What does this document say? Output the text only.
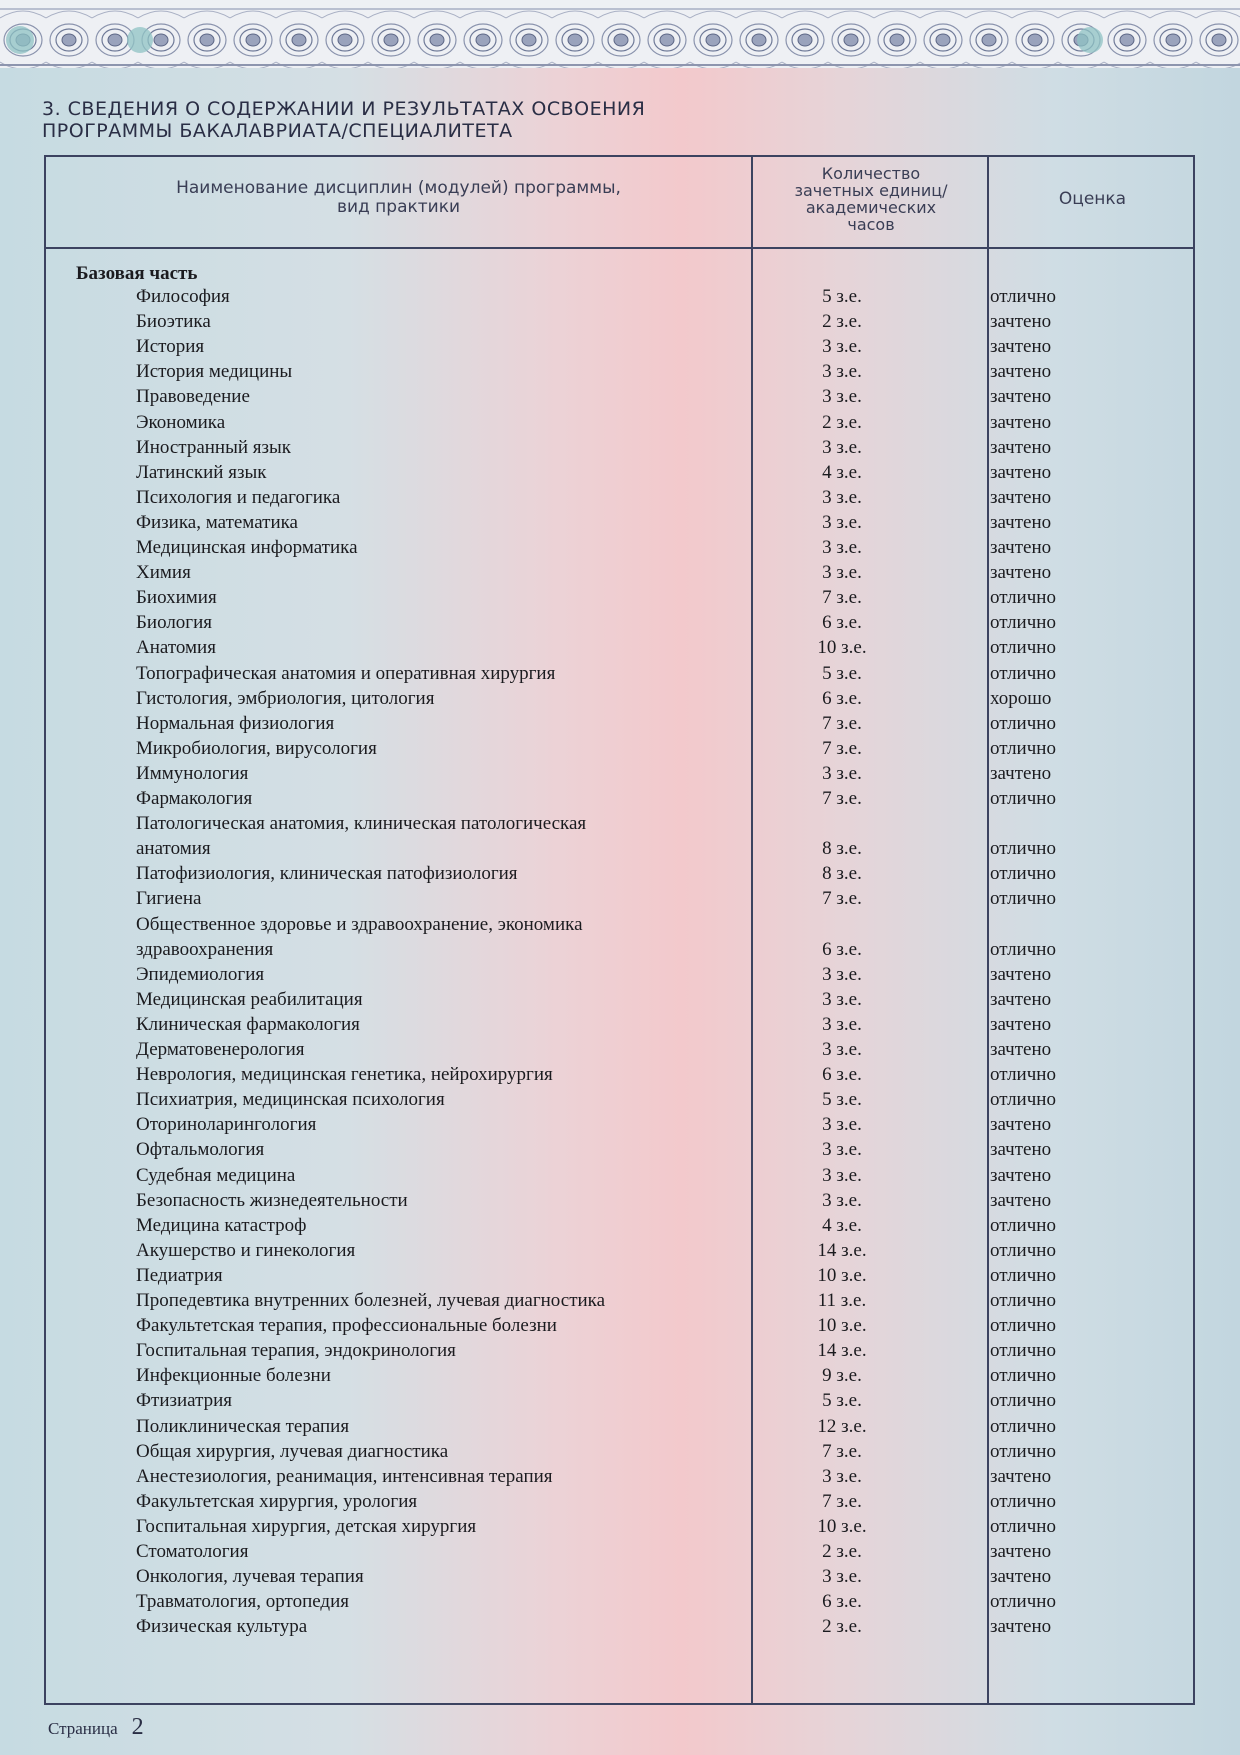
3. СВЕДЕНИЯ О СОДЕРЖАНИИ И РЕЗУЛЬТАТАХ ОСВОЕНИЯ
ПРОГРАММЫ БАКАЛАВРИАТА/СПЕЦИАЛИТЕТА
Наименование дисциплин (модулей) программы,
вид практики
Количество
зачетных единиц/
академических
часов
Оценка
Базовая часть
Философия	5 з.е.	отлично
Биоэтика	2 з.е.	зачтено
История	3 з.е.	зачтено
История медицины	3 з.е.	зачтено
Правоведение	3 з.е.	зачтено
Экономика	2 з.е.	зачтено
Иностранный язык	3 з.е.	зачтено
Латинский язык	4 з.е.	зачтено
Психология и педагогика	3 з.е.	зачтено
Физика, математика	3 з.е.	зачтено
Медицинская информатика	3 з.е.	зачтено
Химия	3 з.е.	зачтено
Биохимия	7 з.е.	отлично
Биология	6 з.е.	отлично
Анатомия	10 з.е.	отлично
Топографическая анатомия и оперативная хирургия	5 з.е.	отлично
Гистология, эмбриология, цитология	6 з.е.	хорошо
Нормальная физиология	7 з.е.	отлично
Микробиология, вирусология	7 з.е.	отлично
Иммунология	3 з.е.	зачтено
Фармакология	7 з.е.	отлично
Патологическая анатомия, клиническая патологическая
анатомия	8 з.е.	отлично
Патофизиология, клиническая патофизиология	8 з.е.	отлично
Гигиена	7 з.е.	отлично
Общественное здоровье и здравоохранение, экономика
здравоохранения	6 з.е.	отлично
Эпидемиология	3 з.е.	зачтено
Медицинская реабилитация	3 з.е.	зачтено
Клиническая фармакология	3 з.е.	зачтено
Дерматовенерология	3 з.е.	зачтено
Неврология, медицинская генетика, нейрохирургия	6 з.е.	отлично
Психиатрия, медицинская психология	5 з.е.	отлично
Оториноларингология	3 з.е.	зачтено
Офтальмология	3 з.е.	зачтено
Судебная медицина	3 з.е.	зачтено
Безопасность жизнедеятельности	3 з.е.	зачтено
Медицина катастроф	4 з.е.	отлично
Акушерство и гинекология	14 з.е.	отлично
Педиатрия	10 з.е.	отлично
Пропедевтика внутренних болезней, лучевая диагностика	11 з.е.	отлично
Факультетская терапия, профессиональные болезни	10 з.е.	отлично
Госпитальная терапия, эндокринология	14 з.е.	отлично
Инфекционные болезни	9 з.е.	отлично
Фтизиатрия	5 з.е.	отлично
Поликлиническая терапия	12 з.е.	отлично
Общая хирургия, лучевая диагностика	7 з.е.	отлично
Анестезиология, реанимация, интенсивная терапия	3 з.е.	зачтено
Факультетская хирургия, урология	7 з.е.	отлично
Госпитальная хирургия, детская хирургия	10 з.е.	отлично
Стоматология	2 з.е.	зачтено
Онкология, лучевая терапия	3 з.е.	зачтено
Травматология, ортопедия	6 з.е.	отлично
Физическая культура	2 з.е.	зачтено
Страница 2
